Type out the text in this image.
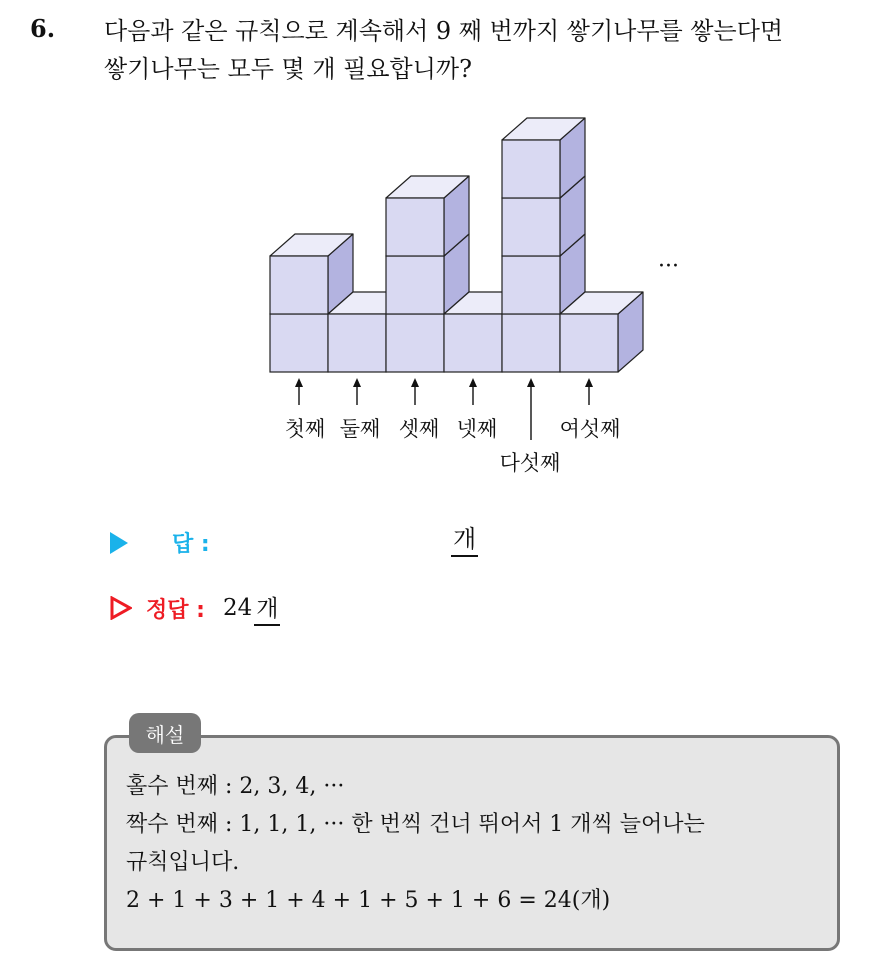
6. 다음과 같은 규칙으로 계속해서 9 째 번까지 쌓기나무를 쌓는다면
쌓기나무는 모두 몇 개 필요합니까?
···
첫째 둘째 셋째 넷째
다섯째
여섯째
답 :	개
정답 : 24 개
해설
홀수 번째 : 2, 3, 4, ···
짝수 번째 : 1, 1, 1, ··· 한 번씩 건너 뛰어서 1 개씩 늘어나는
규칙입니다.
2 + 1 + 3 + 1 + 4 + 1 + 5 + 1 + 6 = 24(개)
